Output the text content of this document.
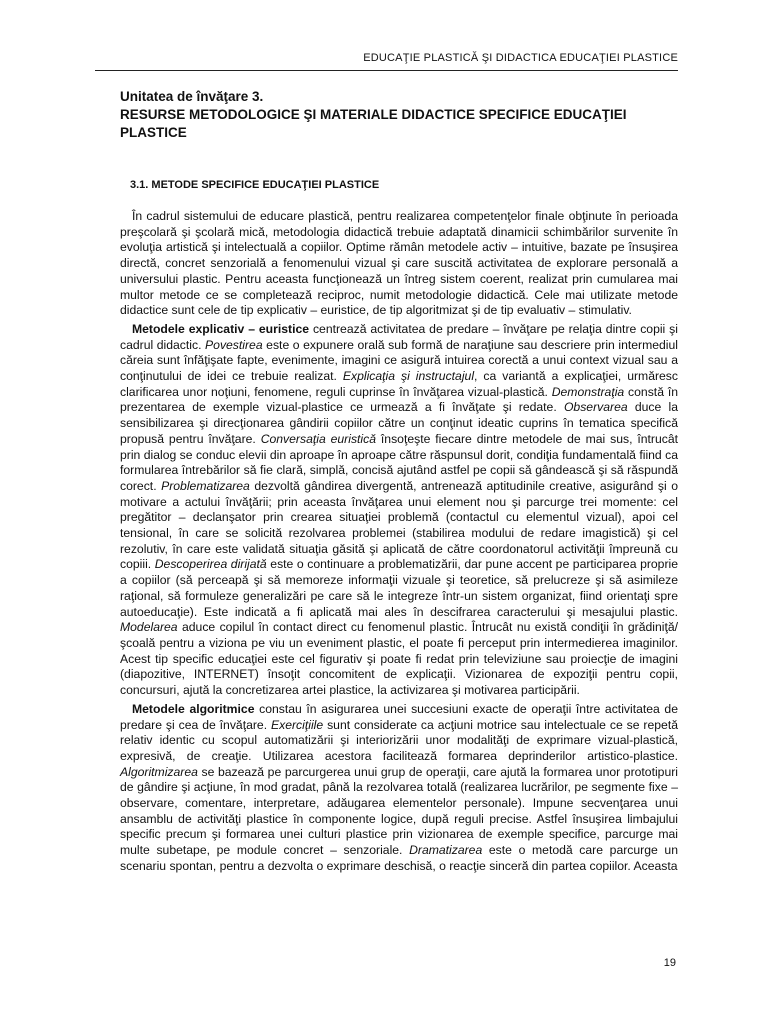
EDUCAŢIE PLASTICĂ ŞI DIDACTICA EDUCAŢIEI PLASTICE

Unitatea de învăţare 3.

RESURSE METODOLOGICE ŞI MATERIALE DIDACTICE SPECIFICE EDUCAŢIEI PLASTICE

3.1. METODE SPECIFICE EDUCAŢIEI PLASTICE

În cadrul sistemului de educare plastică, pentru realizarea competenţelor finale obţinute în perioada preşcolară şi şcolară mică, metodologia didactică trebuie adaptată dinamicii schimbărilor survenite în evoluţia artistică şi intelectuală a copiilor. Optime rămân metodele activ – intuitive, bazate pe însuşirea directă, concret senzorială a fenomenului vizual şi care suscită activitatea de explorare personală a universului plastic. Pentru aceasta funcţionează un întreg sistem coerent, realizat prin cumularea mai multor metode ce se completează reciproc, numit metodologie didactică. Cele mai utilizate metode didactice sunt cele de tip explicativ – euristice, de tip algoritmizat şi de tip evaluativ – stimulativ.

Metodele explicativ – euristice centrează activitatea de predare – învăţare pe relaţia dintre copii şi cadrul didactic. Povestirea este o expunere orală sub formă de naraţiune sau descriere prin intermediul căreia sunt înfăţişate fapte, evenimente, imagini ce asigură intuirea corectă a unui context vizual sau a conţinutului de idei ce trebuie realizat. Explicaţia şi instructajul, ca variantă a explicaţiei, urmăresc clarificarea unor noţiuni, fenomene, reguli cuprinse în învăţarea vizual-plastică. Demonstraţia constă în prezentarea de exemple vizual-plastice ce urmează a fi învăţate şi redate. Observarea duce la sensibilizarea şi direcţionarea gândirii copiilor către un conţinut ideatic cuprins în tematica specifică propusă pentru învăţare. Conversaţia euristică însoţeşte fiecare dintre metodele de mai sus, întrucât prin dialog se conduc elevii din aproape în aproape către răspunsul dorit, condiţia fundamentală fiind ca formularea întrebărilor să fie clară, simplă, concisă ajutând astfel pe copii să gândească şi să răspundă corect. Problematizarea dezvoltă gândirea divergentă, antrenează aptitudinile creative, asigurând şi o motivare a actului învăţării; prin aceasta învăţarea unui element nou şi parcurge trei momente: cel pregătitor – declanşator prin crearea situaţiei problemă (contactul cu elementul vizual), apoi cel tensional, în care se solicită rezolvarea problemei (stabilirea modului de redare imagistică) şi cel rezolutiv, în care este validată situaţia găsită şi aplicată de către coordonatorul activităţii împreună cu copiii. Descoperirea dirijată este o continuare a problematizării, dar pune accent pe participarea proprie a copiilor (să perceapă şi să memoreze informaţii vizuale şi teoretice, să prelucreze şi să asimileze raţional, să formuleze generalizări pe care să le integreze într-un sistem organizat, fiind orientaţi spre autoeducaţie). Este indicată a fi aplicată mai ales în descifrarea caracterului şi mesajului plastic. Modelarea aduce copilul în contact direct cu fenomenul plastic. Întrucât nu există condiţii în grădiniţă/şcoală pentru a viziona pe viu un eveniment plastic, el poate fi perceput prin intermedierea imaginilor. Acest tip specific educaţiei este cel figurativ şi poate fi redat prin televiziune sau proiecţie de imagini (diapozitive, INTERNET) însoţit concomitent de explicaţii. Vizionarea de expoziţii pentru copii, concursuri, ajută la concretizarea artei plastice, la activizarea şi motivarea participării.

Metodele algoritmice constau în asigurarea unei succesiuni exacte de operaţii între activitatea de predare şi cea de învăţare. Exerciţiile sunt considerate ca acţiuni motrice sau intelectuale ce se repetă relativ identic cu scopul automatizării şi interiorizării unor modalităţi de exprimare vizual-plastică, expresivă, de creaţie. Utilizarea acestora facilitează formarea deprinderilor artistico-plastice. Algoritmizarea se bazează pe parcurgerea unui grup de operaţii, care ajută la formarea unor prototipuri de gândire şi acţiune, în mod gradat, până la rezolvarea totală (realizarea lucrărilor, pe segmente fixe – observare, comentare, interpretare, adăugarea elementelor personale). Impune secvenţarea unui ansamblu de activităţi plastice în componente logice, după reguli precise. Astfel însuşirea limbajului specific precum şi formarea unei culturi plastice prin vizionarea de exemple specifice, parcurge mai multe subetape, pe module concret – senzoriale. Dramatizarea este o metodă care parcurge un scenariu spontan, pentru a dezvolta o exprimare deschisă, o reacţie sinceră din partea copiilor. Aceasta

19
